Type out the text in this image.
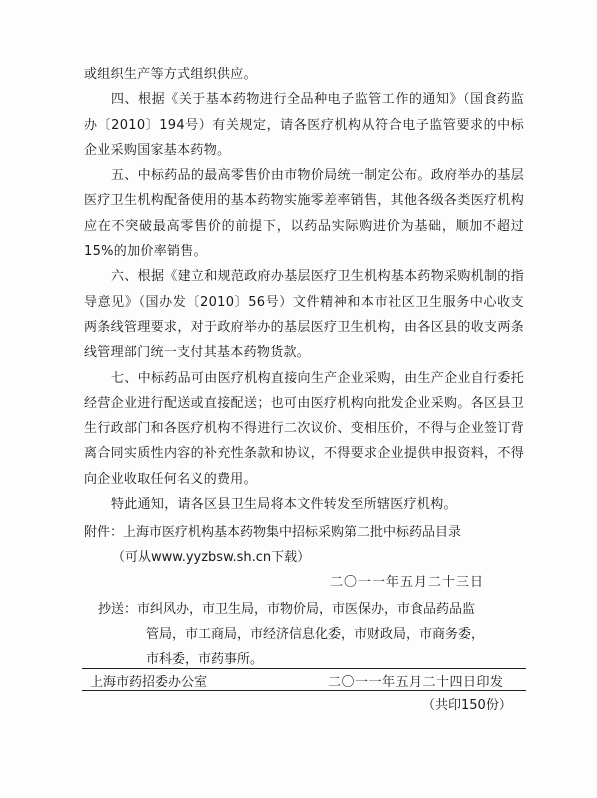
或组织生产等方式组织供应。

四、根据《关于基本药物进行全品种电子监管工作的通知》（国食药监办〔2010〕194号）有关规定，请各医疗机构从符合电子监管要求的中标企业采购国家基本药物。

五、中标药品的最高零售价由市物价局统一制定公布。政府举办的基层医疗卫生机构配备使用的基本药物实施零差率销售，其他各级各类医疗机构应在不突破最高零售价的前提下，以药品实际购进价为基础，顺加不超过15%的加价率销售。

六、根据《建立和规范政府办基层医疗卫生机构基本药物采购机制的指导意见》（国办发〔2010〕56号）文件精神和本市社区卫生服务中心收支两条线管理要求，对于政府举办的基层医疗卫生机构，由各区县的收支两条线管理部门统一支付其基本药物货款。

七、中标药品可由医疗机构直接向生产企业采购，由生产企业自行委托经营企业进行配送或直接配送；也可由医疗机构向批发企业采购。各区县卫生行政部门和各医疗机构不得进行二次议价、变相压价，不得与企业签订背离合同实质性内容的补充性条款和协议，不得要求企业提供申报资料，不得向企业收取任何名义的费用。

特此通知，请各区县卫生局将本文件转发至所辖医疗机构。

附件：上海市医疗机构基本药物集中招标采购第二批中标药品目录
（可从www.yyzbsw.sh.cn下载）
二〇一一年五月二十三日
抄送：市纠风办，市卫生局，市物价局，市医保办，市食品药品监
管局，市工商局，市经济信息化委，市财政局，市商务委，
市科委，市药事所。
上海市药招委办公室	二〇一一年五月二十四日印发
（共印150份）
